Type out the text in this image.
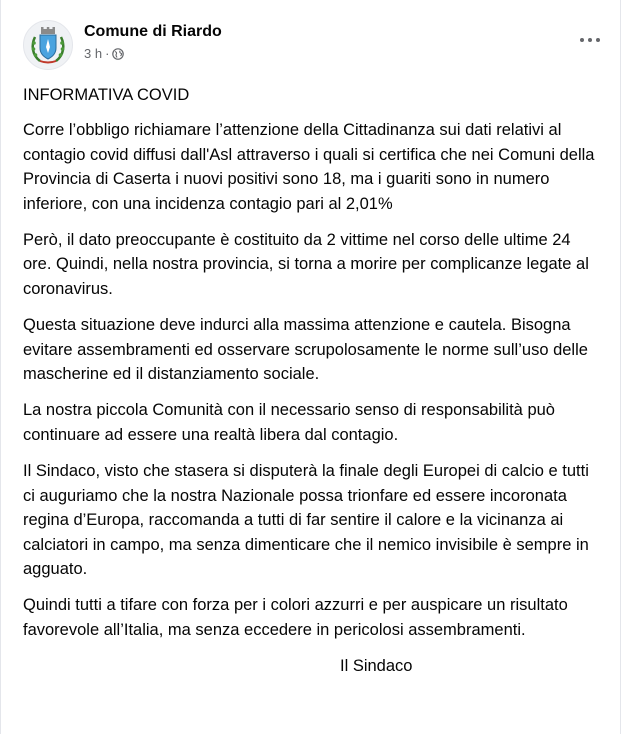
Comune di Riardo
3 h ·

INFORMATIVA COVID

Corre l’obbligo richiamare l’attenzione della Cittadinanza sui dati relativi al contagio covid diffusi dall'Asl attraverso i quali si certifica che nei Comuni della Provincia di Caserta i nuovi positivi sono 18, ma i guariti sono in numero inferiore, con una incidenza contagio pari al 2,01%

Però, il dato preoccupante è costituito da 2 vittime nel corso delle ultime 24 ore. Quindi, nella nostra provincia, si torna a morire per complicanze legate al coronavirus.

Questa situazione deve indurci alla massima attenzione e cautela. Bisogna evitare assembramenti ed osservare scrupolosamente le norme sull’uso delle mascherine ed il distanziamento sociale.

La nostra piccola Comunità con il necessario senso di responsabilità può continuare ad essere una realtà libera dal contagio.

Il Sindaco, visto che stasera si disputerà la finale degli Europei di calcio e tutti ci auguriamo che la nostra Nazionale possa trionfare ed essere incoronata regina d’Europa, raccomanda a tutti di far sentire il calore e la vicinanza ai calciatori in campo, ma senza dimenticare che il nemico invisibile è sempre in agguato.

Quindi tutti a tifare con forza per i colori azzurri e per auspicare un risultato favorevole all’Italia, ma senza eccedere in pericolosi assembramenti.

Il Sindaco
